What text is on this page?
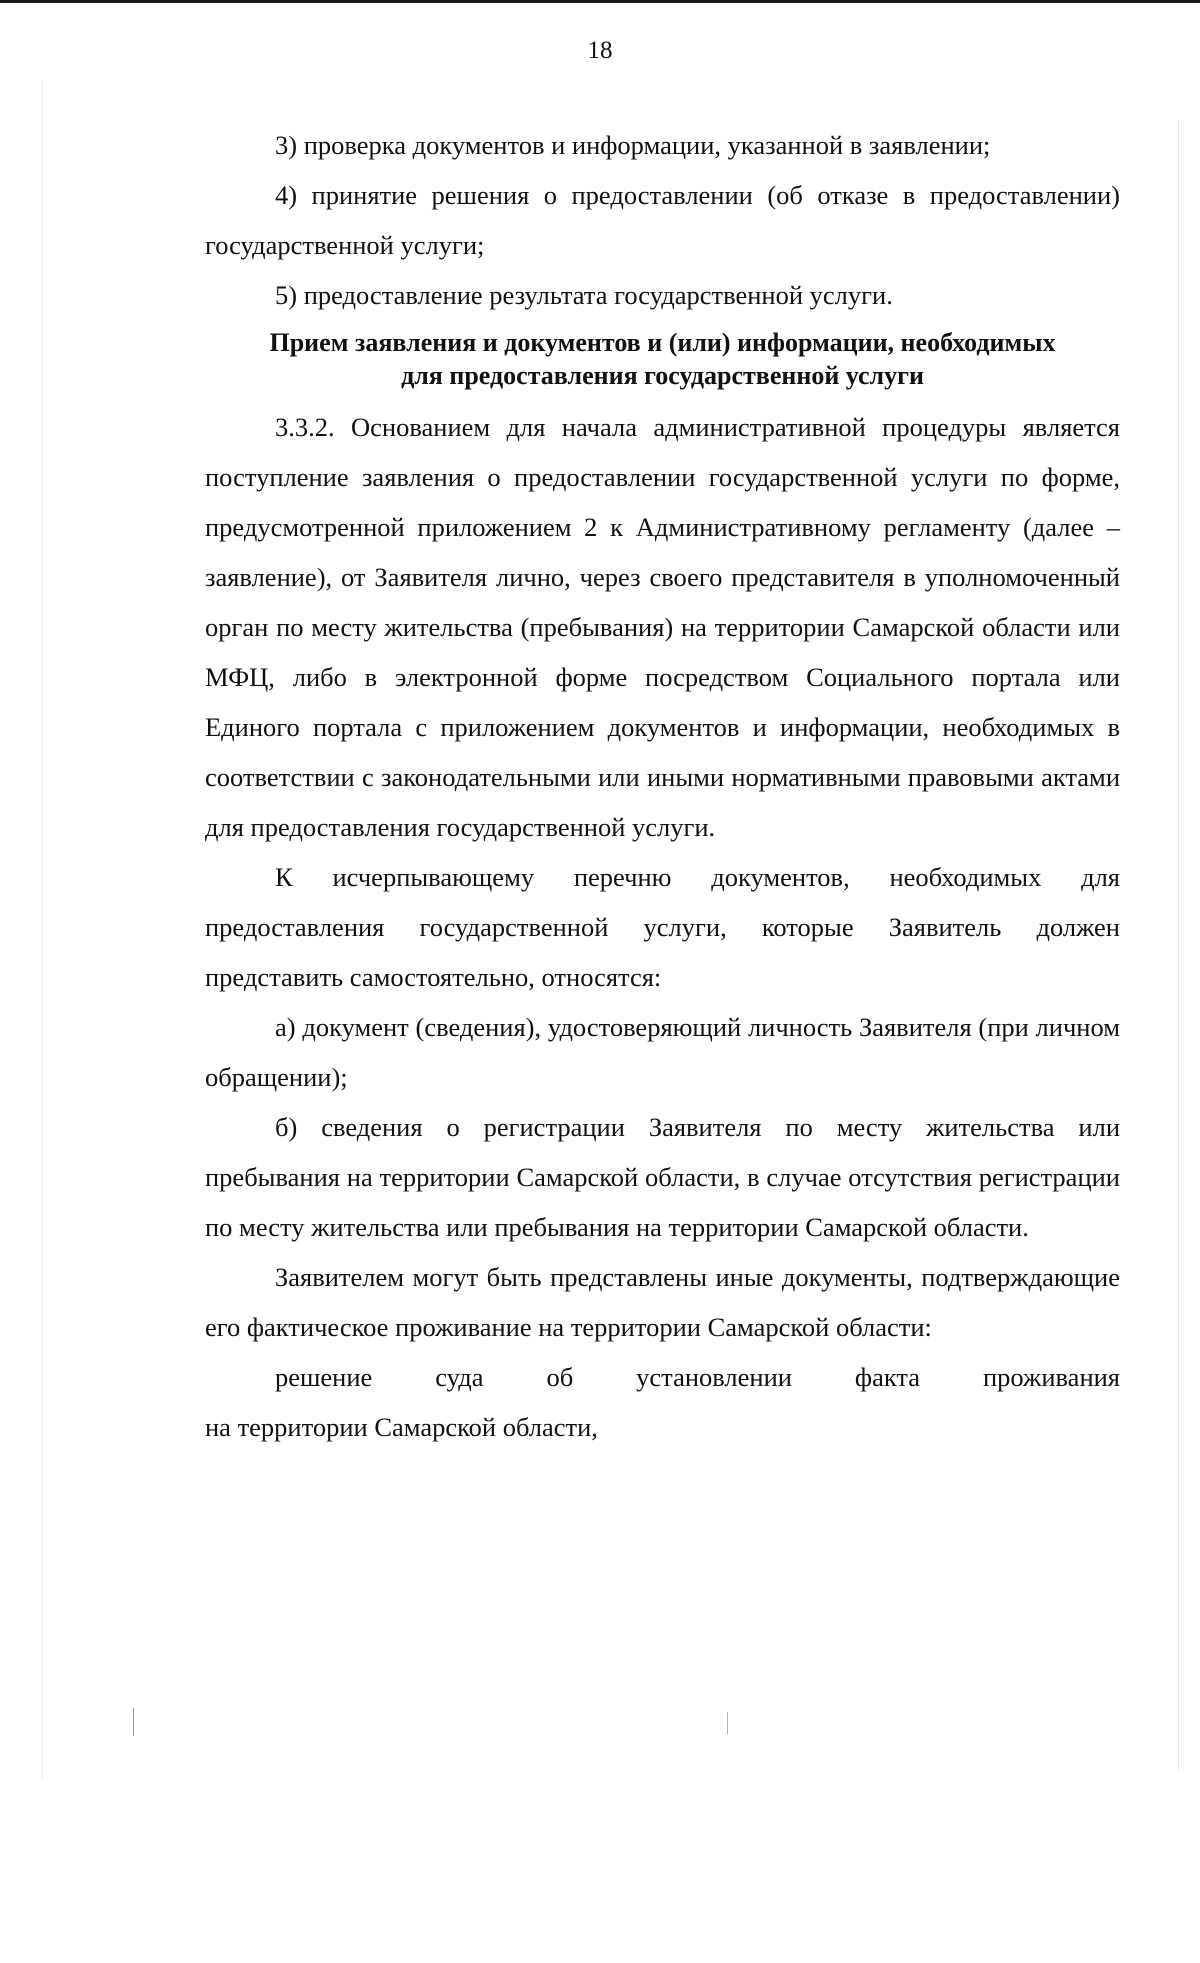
18

3) проверка документов и информации, указанной в заявлении;

4) принятие решения о предоставлении (об отказе в предоставлении) государственной услуги;

5) предоставление результата государственной услуги.

Прием заявления и документов и (или) информации, необходимых
для предоставления государственной услуги

3.3.2. Основанием для начала административной процедуры является поступление заявления о предоставлении государственной услуги по форме, предусмотренной приложением 2 к Административному регламенту (далее – заявление), от Заявителя лично, через своего представителя в уполномоченный орган по месту жительства (пребывания) на территории Самарской области или МФЦ, либо в электронной форме посредством Социального портала или Единого портала с приложением документов и информации, необходимых в соответствии с законодательными или иными нормативными правовыми актами для предоставления государственной услуги.

К исчерпывающему перечню документов, необходимых для предоставления государственной услуги, которые Заявитель должен представить самостоятельно, относятся:

а) документ (сведения), удостоверяющий личность Заявителя (при личном обращении);

б) сведения о регистрации Заявителя по месту жительства или пребывания на территории Самарской области, в случае отсутствия регистрации по месту жительства или пребывания на территории Самарской области.

Заявителем могут быть представлены иные документы, подтверждающие его фактическое проживание на территории Самарской области:

решение суда об установлении факта проживания

на территории Самарской области,
